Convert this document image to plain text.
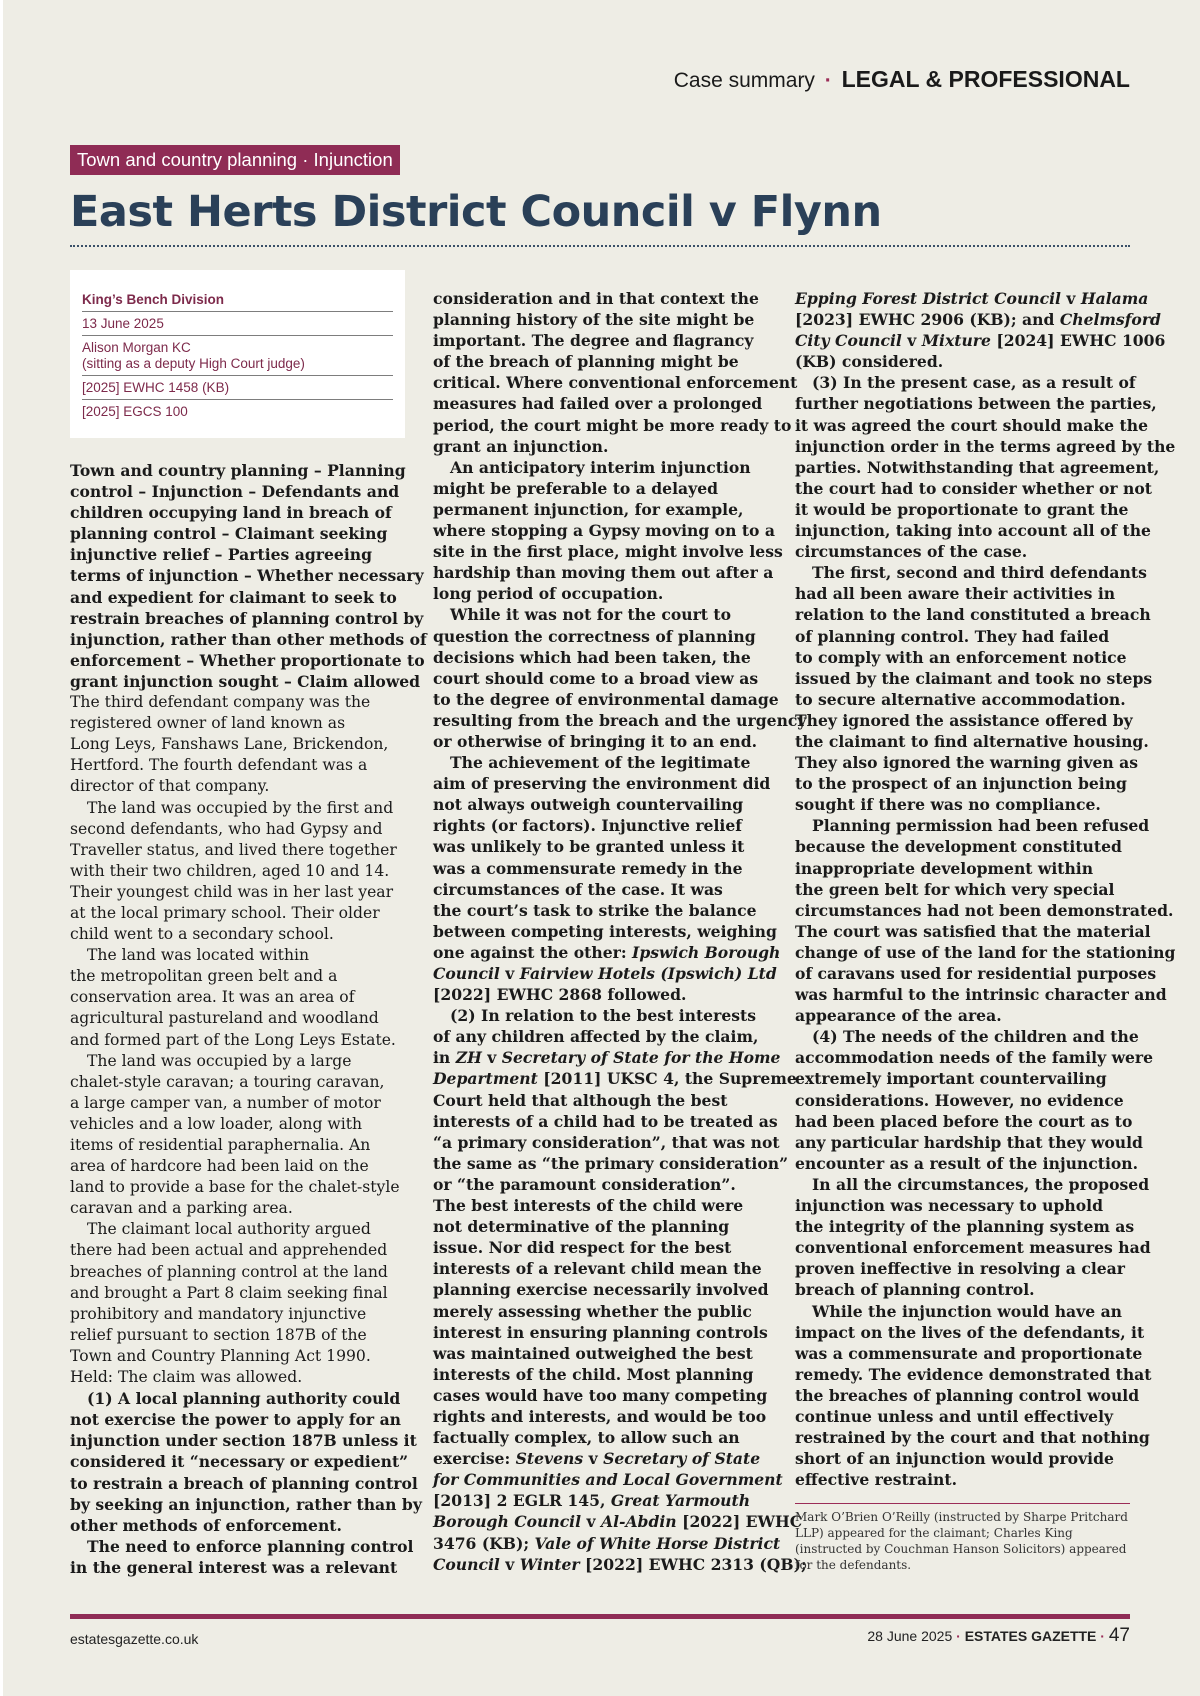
Case summary · LEGAL & PROFESSIONAL
Town and country planning · Injunction
East Herts District Council v Flynn
King’s Bench Division
13 June 2025
Alison Morgan KC
(sitting as a deputy High Court judge)
[2025] EWHC 1458 (KB)
[2025] EGCS 100

Town and country planning – Planning

control – Injunction – Defendants and

children occupying land in breach of

planning control – Claimant seeking

injunctive relief – Parties agreeing

terms of injunction – Whether necessary

and expedient for claimant to seek to

restrain breaches of planning control by

injunction, rather than other methods of

enforcement – Whether proportionate to

grant injunction sought – Claim allowed

The third defendant company was the

registered owner of land known as

Long Leys, Fanshaws Lane, Brickendon,

Hertford. The fourth defendant was a

director of that company.

The land was occupied by the first and

second defendants, who had Gypsy and

Traveller status, and lived there together

with their two children, aged 10 and 14.

Their youngest child was in her last year

at the local primary school. Their older

child went to a secondary school.

The land was located within

the metropolitan green belt and a

conservation area. It was an area of

agricultural pastureland and woodland

and formed part of the Long Leys Estate.

The land was occupied by a large

chalet-style caravan; a touring caravan,

a large camper van, a number of motor

vehicles and a low loader, along with

items of residential paraphernalia. An

area of hardcore had been laid on the

land to provide a base for the chalet-style

caravan and a parking area.

The claimant local authority argued

there had been actual and apprehended

breaches of planning control at the land

and brought a Part 8 claim seeking final

prohibitory and mandatory injunctive

relief pursuant to section 187B of the

Town and Country Planning Act 1990.

Held: The claim was allowed.

(1) A local planning authority could

not exercise the power to apply for an

injunction under section 187B unless it

considered it “necessary or expedient”

to restrain a breach of planning control

by seeking an injunction, rather than by

other methods of enforcement.

The need to enforce planning control

in the general interest was a relevant

consideration and in that context the

planning history of the site might be

important. The degree and flagrancy

of the breach of planning might be

critical. Where conventional enforcement

measures had failed over a prolonged

period, the court might be more ready to

grant an injunction.

An anticipatory interim injunction

might be preferable to a delayed

permanent injunction, for example,

where stopping a Gypsy moving on to a

site in the first place, might involve less

hardship than moving them out after a

long period of occupation.

While it was not for the court to

question the correctness of planning

decisions which had been taken, the

court should come to a broad view as

to the degree of environmental damage

resulting from the breach and the urgency

or otherwise of bringing it to an end.

The achievement of the legitimate

aim of preserving the environment did

not always outweigh countervailing

rights (or factors). Injunctive relief

was unlikely to be granted unless it

was a commensurate remedy in the

circumstances of the case. It was

the court’s task to strike the balance

between competing interests, weighing

one against the other: Ipswich Borough

Council v Fairview Hotels (Ipswich) Ltd

[2022] EWHC 2868 followed.

(2) In relation to the best interests

of any children affected by the claim,

in ZH v Secretary of State for the Home

Department [2011] UKSC 4, the Supreme

Court held that although the best

interests of a child had to be treated as

“a primary consideration”, that was not

the same as “the primary consideration”

or “the paramount consideration”.

The best interests of the child were

not determinative of the planning

issue. Nor did respect for the best

interests of a relevant child mean the

planning exercise necessarily involved

merely assessing whether the public

interest in ensuring planning controls

was maintained outweighed the best

interests of the child. Most planning

cases would have too many competing

rights and interests, and would be too

factually complex, to allow such an

exercise: Stevens v Secretary of State

for Communities and Local Government

[2013] 2 EGLR 145, Great Yarmouth

Borough Council v Al-Abdin [2022] EWHC

3476 (KB); Vale of White Horse District

Council v Winter [2022] EWHC 2313 (QB);

Epping Forest District Council v Halama

[2023] EWHC 2906 (KB); and Chelmsford

City Council v Mixture [2024] EWHC 1006

(KB) considered.

(3) In the present case, as a result of

further negotiations between the parties,

it was agreed the court should make the

injunction order in the terms agreed by the

parties. Notwithstanding that agreement,

the court had to consider whether or not

it would be proportionate to grant the

injunction, taking into account all of the

circumstances of the case.

The first, second and third defendants

had all been aware their activities in

relation to the land constituted a breach

of planning control. They had failed

to comply with an enforcement notice

issued by the claimant and took no steps

to secure alternative accommodation.

They ignored the assistance offered by

the claimant to find alternative housing.

They also ignored the warning given as

to the prospect of an injunction being

sought if there was no compliance.

Planning permission had been refused

because the development constituted

inappropriate development within

the green belt for which very special

circumstances had not been demonstrated.

The court was satisfied that the material

change of use of the land for the stationing

of caravans used for residential purposes

was harmful to the intrinsic character and

appearance of the area.

(4) The needs of the children and the

accommodation needs of the family were

extremely important countervailing

considerations. However, no evidence

had been placed before the court as to

any particular hardship that they would

encounter as a result of the injunction.

In all the circumstances, the proposed

injunction was necessary to uphold

the integrity of the planning system as

conventional enforcement measures had

proven ineffective in resolving a clear

breach of planning control.

While the injunction would have an

impact on the lives of the defendants, it

was a commensurate and proportionate

remedy. The evidence demonstrated that

the breaches of planning control would

continue unless and until effectively

restrained by the court and that nothing

short of an injunction would provide

effective restraint.

Mark O’Brien O’Reilly (instructed by Sharpe Pritchard

LLP) appeared for the claimant; Charles King

(instructed by Couchman Hanson Solicitors) appeared

for the defendants.

estatesgazette.co.uk	28 June 2025 · ESTATES GAZETTE · 47
